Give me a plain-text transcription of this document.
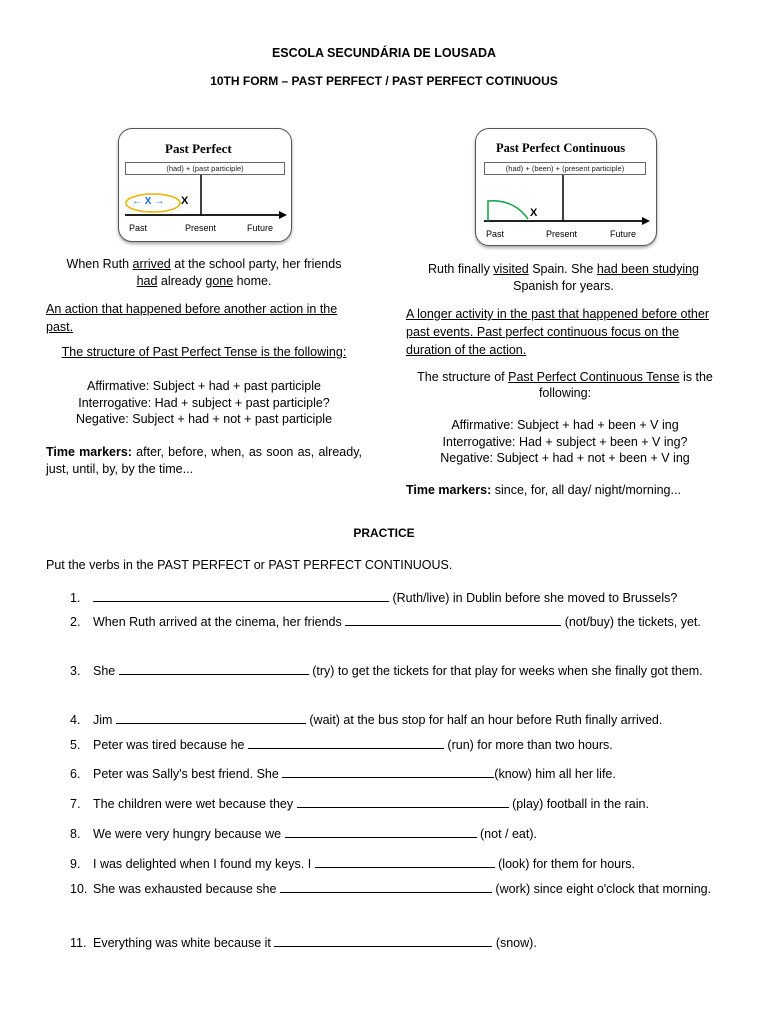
ESCOLA SECUNDÁRIA DE LOUSADA
10TH FORM – PAST PERFECT / PAST PERFECT COTINUOUS
Past Perfect
(had) + (past participle)
← X → X
Past	Present	Future
Past Perfect Continuous
(had) + (been) + (present participle)
X
Past	Present	Future
When Ruth arrived at the school party, her friends
had already gone home.
An action that happened before another action in the past.
The structure of Past Perfect Tense is the following:
Affirmative: Subject + had + past participle
Interrogative: Had + subject + past participle?
Negative: Subject + had + not + past participle
Time markers: after, before, when, as soon as, already, just, until, by, by the time...
Ruth finally visited Spain. She had been studying
Spanish for years.
A longer activity in the past that happened before other past events. Past perfect continuous focus on the duration of the action.
The structure of Past Perfect Continuous Tense is the following:
Affirmative: Subject + had + been + V ing
Interrogative: Had + subject + been + V ing?
Negative: Subject + had + not + been + V ing
Time markers: since, for, all day/ night/morning...
PRACTICE
Put the verbs in the PAST PERFECT or PAST PERFECT CONTINUOUS.
1.	(Ruth/live) in Dublin before she moved to Brussels?
2. When Ruth arrived at the cinema, her friends	(not/buy) the tickets, yet.
3. She	(try) to get the tickets for that play for weeks when she finally got them.
4. Jim	(wait) at the bus stop for half an hour before Ruth finally arrived.
5. Peter was tired because he	(run) for more than two hours.
6. Peter was Sally's best friend. She	(know) him all her life.
7. The children were wet because they	(play) football in the rain.
8. We were very hungry because we	(not / eat).
9. I was delighted when I found my keys. I	(look) for them for hours.
10. She was exhausted because she	(work) since eight o'clock that morning.
11. Everything was white because it	(snow).
